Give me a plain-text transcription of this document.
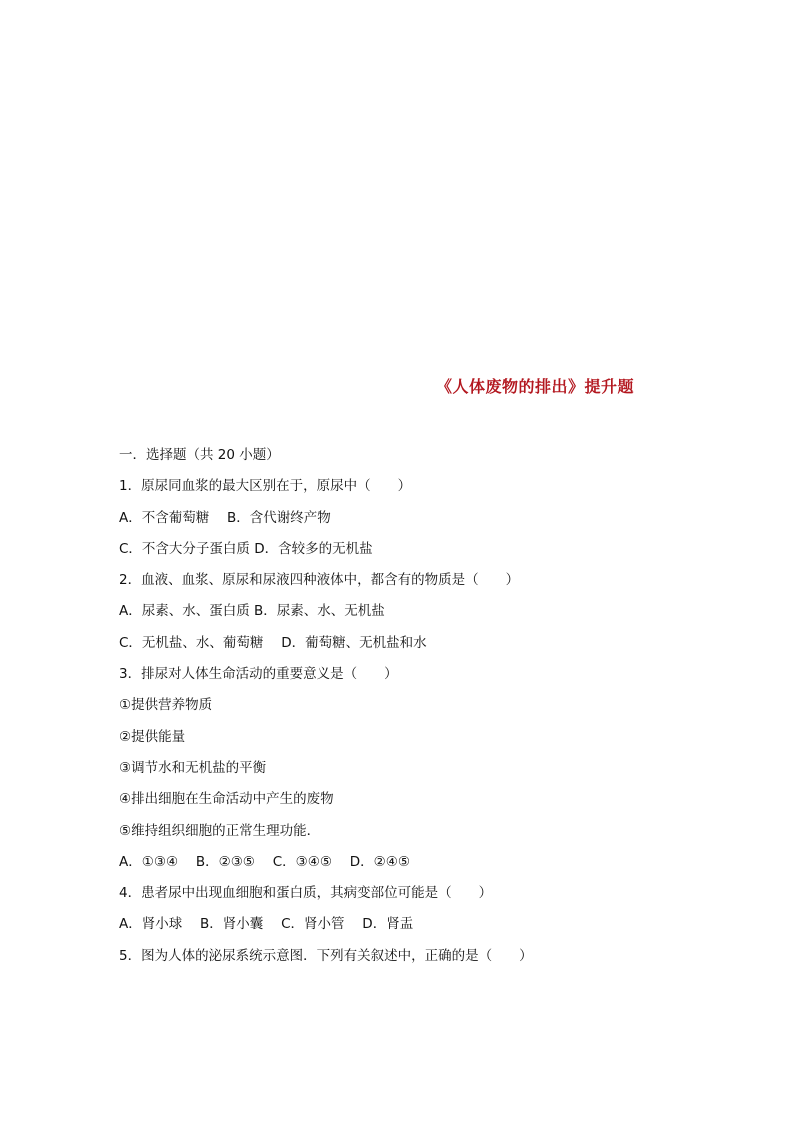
《人体废物的排出》提升题
一．选择题（共 20 小题）
1．原尿同血浆的最大区别在于，原尿中（　　）
A．不含葡萄糖　 B．含代谢终产物
C．不含大分子蛋白质 D．含较多的无机盐
2．血液、血浆、原尿和尿液四种液体中，都含有的物质是（　　）
A．尿素、水、蛋白质 B．尿素、水、无机盐
C．无机盐、水、葡萄糖　 D．葡萄糖、无机盐和水
3．排尿对人体生命活动的重要意义是（　　）
①提供营养物质
②提供能量
③调节水和无机盐的平衡
④排出细胞在生命活动中产生的废物
⑤维持组织细胞的正常生理功能．
A．①③④　 B．②③⑤　 C．③④⑤　 D．②④⑤
4．患者尿中出现血细胞和蛋白质，其病变部位可能是（　　）
A．肾小球　 B．肾小囊　 C．肾小管　 D．肾盂
5．图为人体的泌尿系统示意图．下列有关叙述中，正确的是（　　）
